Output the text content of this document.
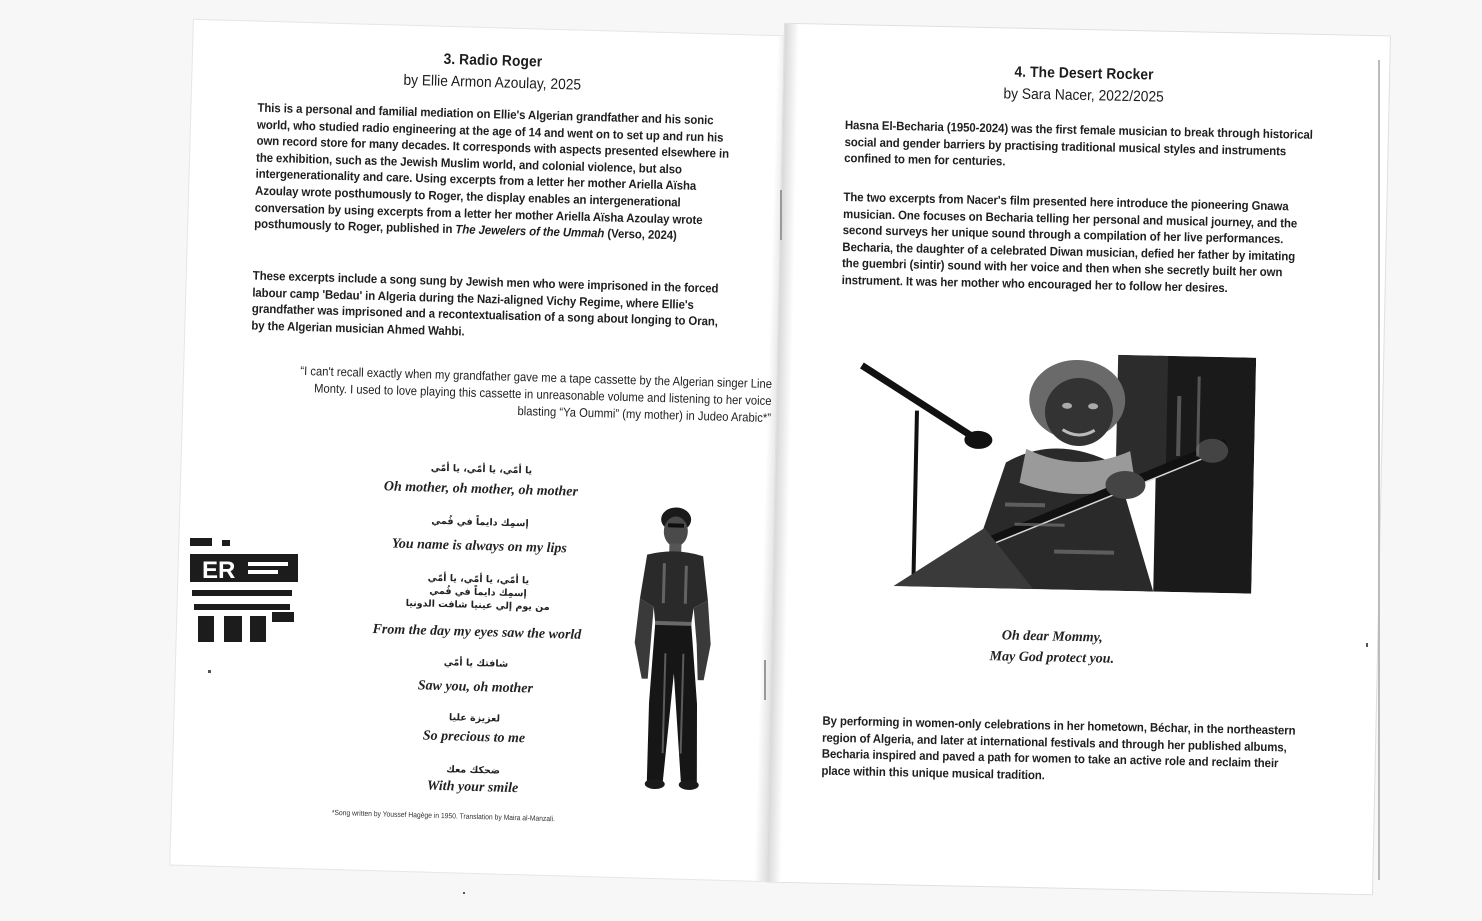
3. Radio Roger
by Ellie Armon Azoulay, 2025
This is a personal and familial mediation on Ellie's Algerian grandfather and his sonic world, who studied radio engineering at the age of 14 and went on to set up and run his own record store for many decades. It corresponds with aspects presented elsewhere in the exhibition, such as the Jewish Muslim world, and colonial violence, but also intergenerationality and care. Using excerpts from a letter her mother Ariella Aïsha Azoulay wrote posthumously to Roger, the display enables an intergenerational conversation by using excerpts from a letter her mother Ariella Aïsha Azoulay wrote posthumously to Roger, published in The Jewelers of the Ummah (Verso, 2024)
These excerpts include a song sung by Jewish men who were imprisoned in the forced labour camp 'Bedau' in Algeria during the Nazi-aligned Vichy Regime, where Ellie's grandfather was imprisoned and a recontextualisation of a song about longing to Oran, by the Algerian musician Ahmed Wahbi.
“I can't recall exactly when my grandfather gave me a tape cassette by the Algerian singer Line Monty. I used to love playing this cassette in unreasonable volume and listening to her voice blasting “Ya Oummi” (my mother) in Judeo Arabic*”
يا أمّي، يا أمّي، يا أمّي
Oh mother, oh mother, oh mother
إسمِك دايماً في فُمي
You name is always on my lips
يا أمّي، يا أمّي، يا أمّي
إسمِك دايماً في فُمي
من يوم إلي عينيا شافت الدونيا
From the day my eyes saw the world
شافتك يا أمّي
Saw you, oh mother
لعزيزة عليا
So precious to me
ضحكك معك
With your smile
*Song written by Youssef Hagège in 1950. Translation by Maira al-Manzali.
ER
4. The Desert Rocker
by Sara Nacer, 2022/2025
Hasna El-Becharia (1950-2024) was the first female musician to break through historical social and gender barriers by practising traditional musical styles and instruments confined to men for centuries.
The two excerpts from Nacer's film presented here introduce the pioneering Gnawa musician. One focuses on Becharia telling her personal and musical journey, and the second surveys her unique sound through a compilation of her live performances. Becharia, the daughter of a celebrated Diwan musician, defied her father by imitating the guembri (sintir) sound with her voice and then when she secretly built her own instrument. It was her mother who encouraged her to follow her desires.
Oh dear Mommy,
May God protect you.
By performing in women-only celebrations in her hometown, Béchar, in the northeastern region of Algeria, and later at international festivals and through her published albums, Becharia inspired and paved a path for women to take an active role and reclaim their place within this unique musical tradition.
